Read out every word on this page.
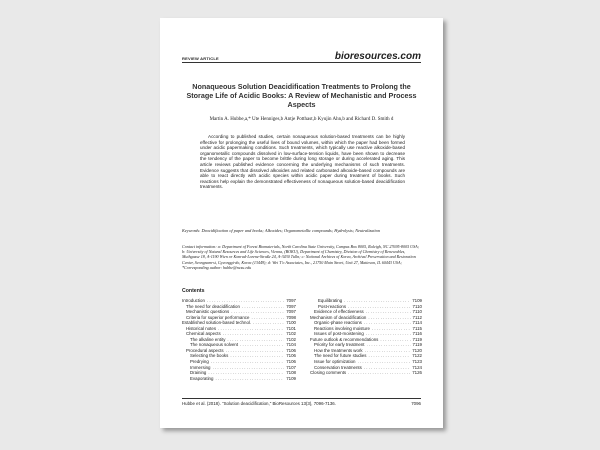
REVIEW ARTICLE	bioresources.com
Nonaqueous Solution Deacidification Treatments to Prolong the Storage Life of Acidic Books: A Review of Mechanistic and Process Aspects
Martin A. Hubbe,a,* Ute Henniges,b Antje Potthast,b Kyujin Ahn,b and Richard D. Smith d
According to published studies, certain nonaqueous solution-based treatments can be highly effective for prolonging the useful lives of bound volumes, within which the paper had been formed under acidic papermaking conditions. Such treatments, which typically use reactive alkoxide-based organometallic compounds dissolved in low-surface-tension liquids, have been shown to decrease the tendency of the paper to become brittle during long storage or during accelerated aging. This article reviews published evidence concerning the underlying mechanisms of such treatments. Evidence suggests that dissolved alkoxides and related carbonated alkoxide-based compounds are able to react directly with acidic species within acidic paper during treatment of books. Such reactions help explain the demonstrated effectiveness of nonaqueous solution-based deacidification treatments.
Keywords: Deacidification of paper and books; Alkoxides; Organometallic compounds; Hydrolysis; Neutralization
Contact information: a: Department of Forest Biomaterials, North Carolina State University, Campus Box 8005, Raleigh, NC 27695-8005 USA; b: University of Natural Resources and Life Sciences, Vienna, (BOKU), Department of Chemistry, Division of Chemistry of Renewables, Muthgasse 18, A-1190 Wien or Konrad-Lorenz-Straße 24, A-3430 Tulln; c: National Archives of Korea, Archival Preservation and Restoration Center, Seongnam-si, Gyeonggi-do, Korea (13449); d: Wei T'o Associates, Inc., 21750 Main Street, Unit 27, Matteson, IL 60443 USA; *Corresponding author: hubbe@ncsu.edu
Contents
Introduction . . .	7097
The need for deacidification . . .	7097
Mechanistic questions . . .	7097
Criteria for superior performance . . .	7098
Established solution-based technol. . . .	7100
Historical notes . . .	7101
Chemical aspects . . .	7102
The alkaline entity . . .	7102
The nonaqueous solvent . . .	7104
Procedural aspects . . .	7106
Selecting the books . . .	7106
Predrying . . .	7106
Immersing . . .	7107
Draining . . .	7108
Evaporating . . .	7109
Equilibrating . . .	7109
Post-reactions . . .	7110
Evidence of effectiveness . . .	7110
Mechanism of deacidification . . .	7112
Organic-phase reactions . . .	7114
Reactions involving moisture . . .	7115
Issues of post-moistening . . .	7116
Future outlook & recommendations . . .	7119
Priority for early treatment . . .	7119
How the treatments work . . .	7120
The need for future studies . . .	7122
Issue for optimization . . .	7123
Conservation treatments . . .	7124
Closing comments . . .	7126
Hubbe et al. (2018). "Solution deacidification," BioResources 13(3), 7096-7136.	7096
